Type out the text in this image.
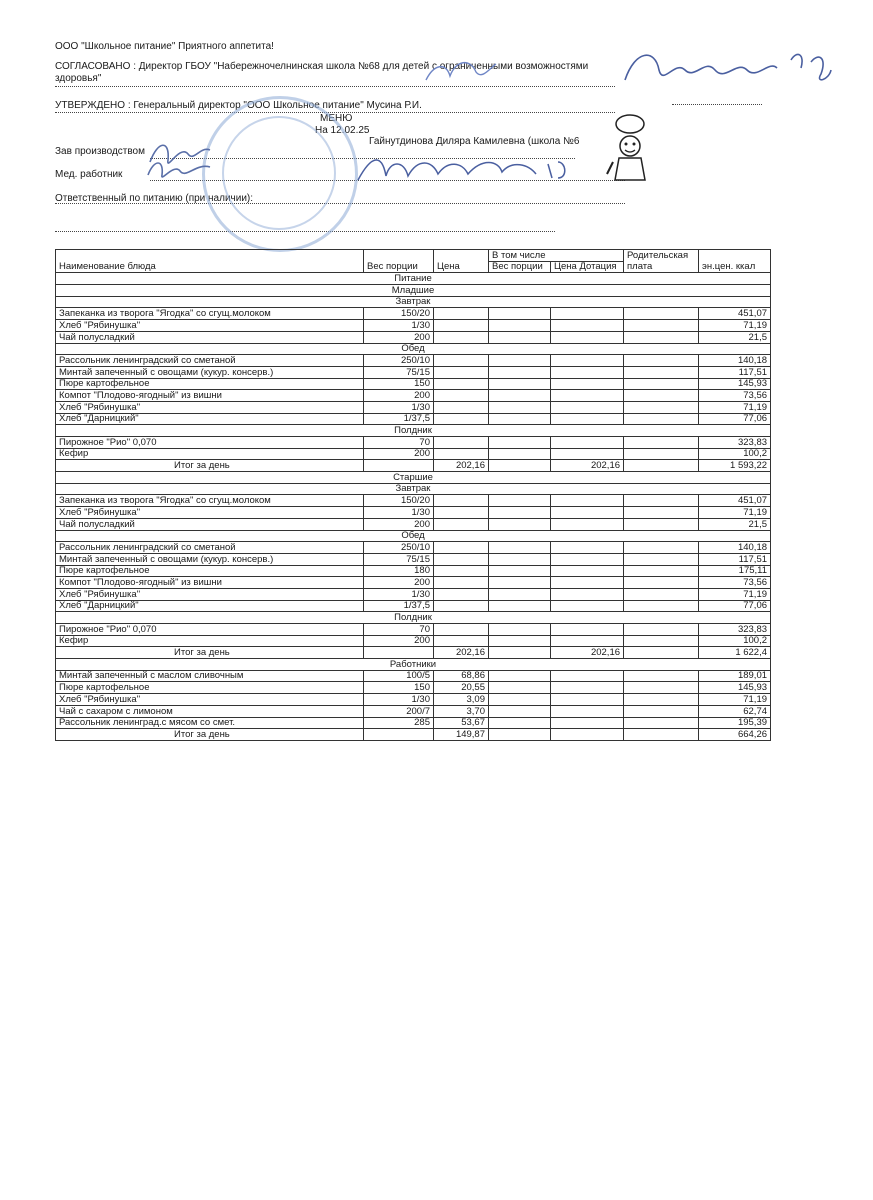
ООО "Школьное питание" Приятного аппетита!
СОГЛАСОВАНО : Директор ГБОУ "Набережночелнинская школа №68 для детей с ограниченными возможностями
здоровья"
УТВЕРЖДЕНО : Генеральный директор "ООО Школьное питание" Мусина Р.И.
МЕНЮ
На 12.02.25
Зав производством
Гайнутдинова Диляра Камилевна (школа №6
Мед. работник
Ответственный по питанию (при наличии):
Наименование блюда	Вес порции	Цена	В том числе		Родительская плата	эн.цен. ккал
			Вес порции	Цена Дотация		
Питание						
Младшие						
Завтрак						
Запеканка из творога "Ягодка" со сгущ.молоком	150/20					451,07
Хлеб "Рябинушка"	1/30					71,19
Чай полусладкий	200					21,5
Обед						
Рассольник ленинградский со сметаной	250/10					140,18
Минтай запеченный с овощами (кукур. консерв.)	75/15					117,51
Пюре картофельное	150					145,93
Компот "Плодово-ягодный" из вишни	200					73,56
Хлеб "Рябинушка"	1/30					71,19
Хлеб "Дарницкий"	1/37,5					77,06
Полдник						
Пирожное "Рио" 0,070	70					323,83
Кефир	200					100,2
Итог за день		202,16		202,16		1 593,22
Старшие						
Завтрак						
Запеканка из творога "Ягодка" со сгущ.молоком	150/20					451,07
Хлеб "Рябинушка"	1/30					71,19
Чай полусладкий	200					21,5
Обед						
Рассольник ленинградский со сметаной	250/10					140,18
Минтай запеченный с овощами (кукур. консерв.)	75/15					117,51
Пюре картофельное	180					175,11
Компот "Плодово-ягодный" из вишни	200					73,56
Хлеб "Рябинушка"	1/30					71,19
Хлеб "Дарницкий"	1/37,5					77,06
Полдник						
Пирожное "Рио" 0,070	70					323,83
Кефир	200					100,2
Итог за день		202,16		202,16		1 622,4
Работники						
Минтай запеченный с маслом сливочным	100/5	68,86				189,01
Пюре картофельное	150	20,55				145,93
Хлеб "Рябинушка"	1/30	3,09				71,19
Чай с сахаром с лимоном	200/7	3,70				62,74
Рассольник ленинград.с мясом со смет.	285	53,67				195,39
Итог за день		149,87				664,26
